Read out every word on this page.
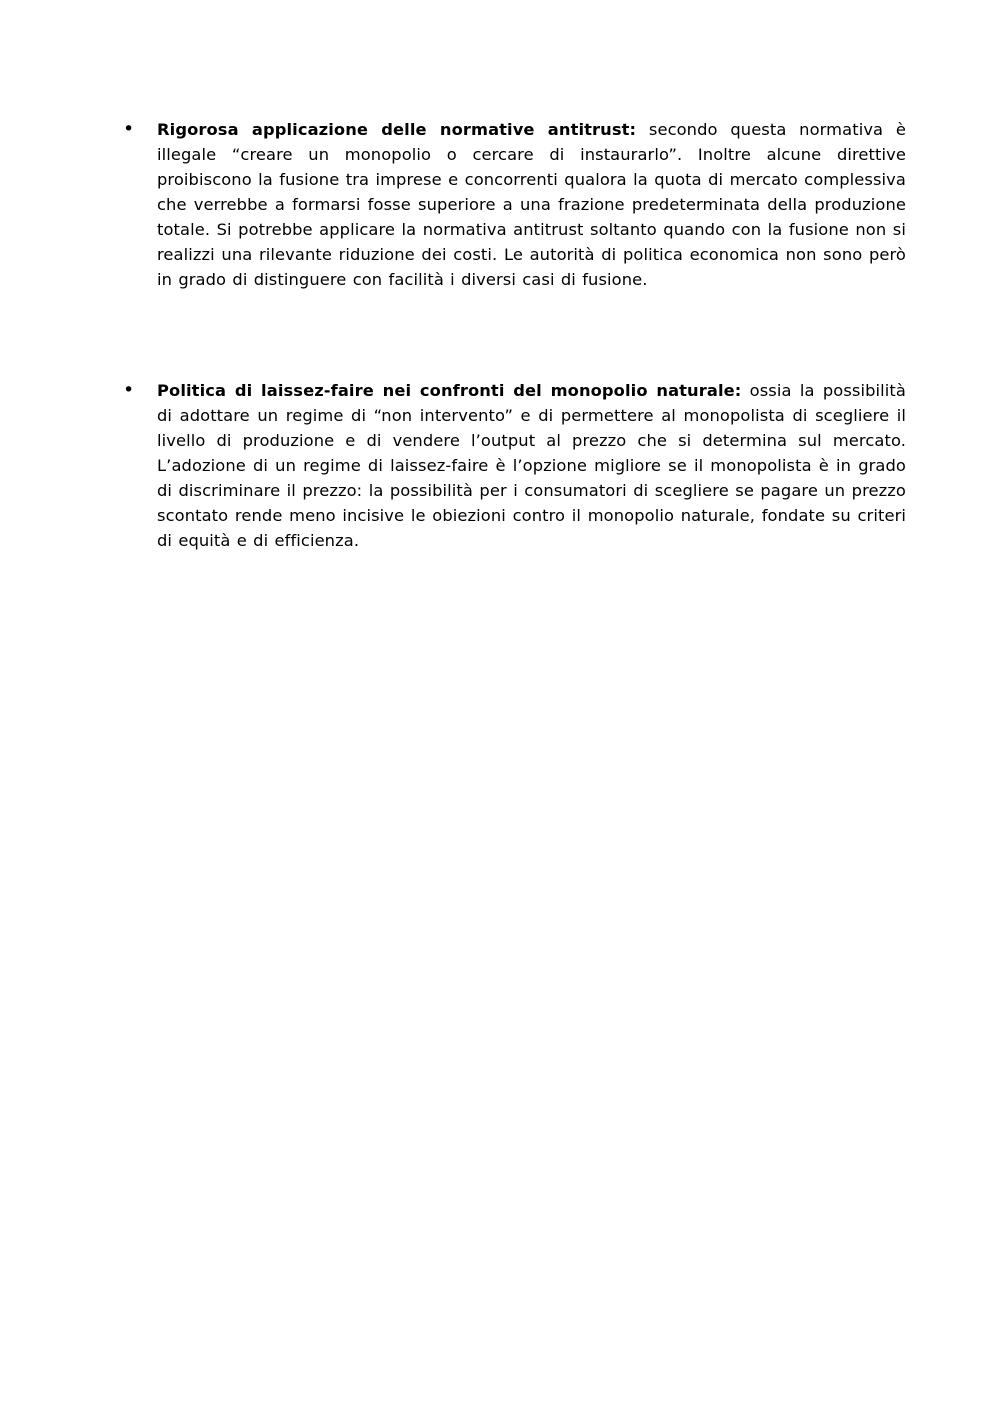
• Rigorosa applicazione delle normative antitrust: secondo questa normativa è illegale “creare un monopolio o cercare di instaurarlo”. Inoltre alcune direttive proibiscono la fusione tra imprese e concorrenti qualora la quota di mercato complessiva che verrebbe a formarsi fosse superiore a una frazione predeterminata della produzione totale. Si potrebbe applicare la normativa antitrust soltanto quando con la fusione non si realizzi una rilevante riduzione dei costi. Le autorità di politica economica non sono però in grado di distinguere con facilità i diversi casi di fusione.

• Politica di laissez-faire nei confronti del monopolio naturale: ossia la possibilità di adottare un regime di “non intervento” e di permettere al monopolista di scegliere il livello di produzione e di vendere l’output al prezzo che si determina sul mercato. L’adozione di un regime di laissez-faire è l’opzione migliore se il monopolista è in grado di discriminare il prezzo: la possibilità per i consumatori di scegliere se pagare un prezzo scontato rende meno incisive le obiezioni contro il monopolio naturale, fondate su criteri di equità e di efficienza.
